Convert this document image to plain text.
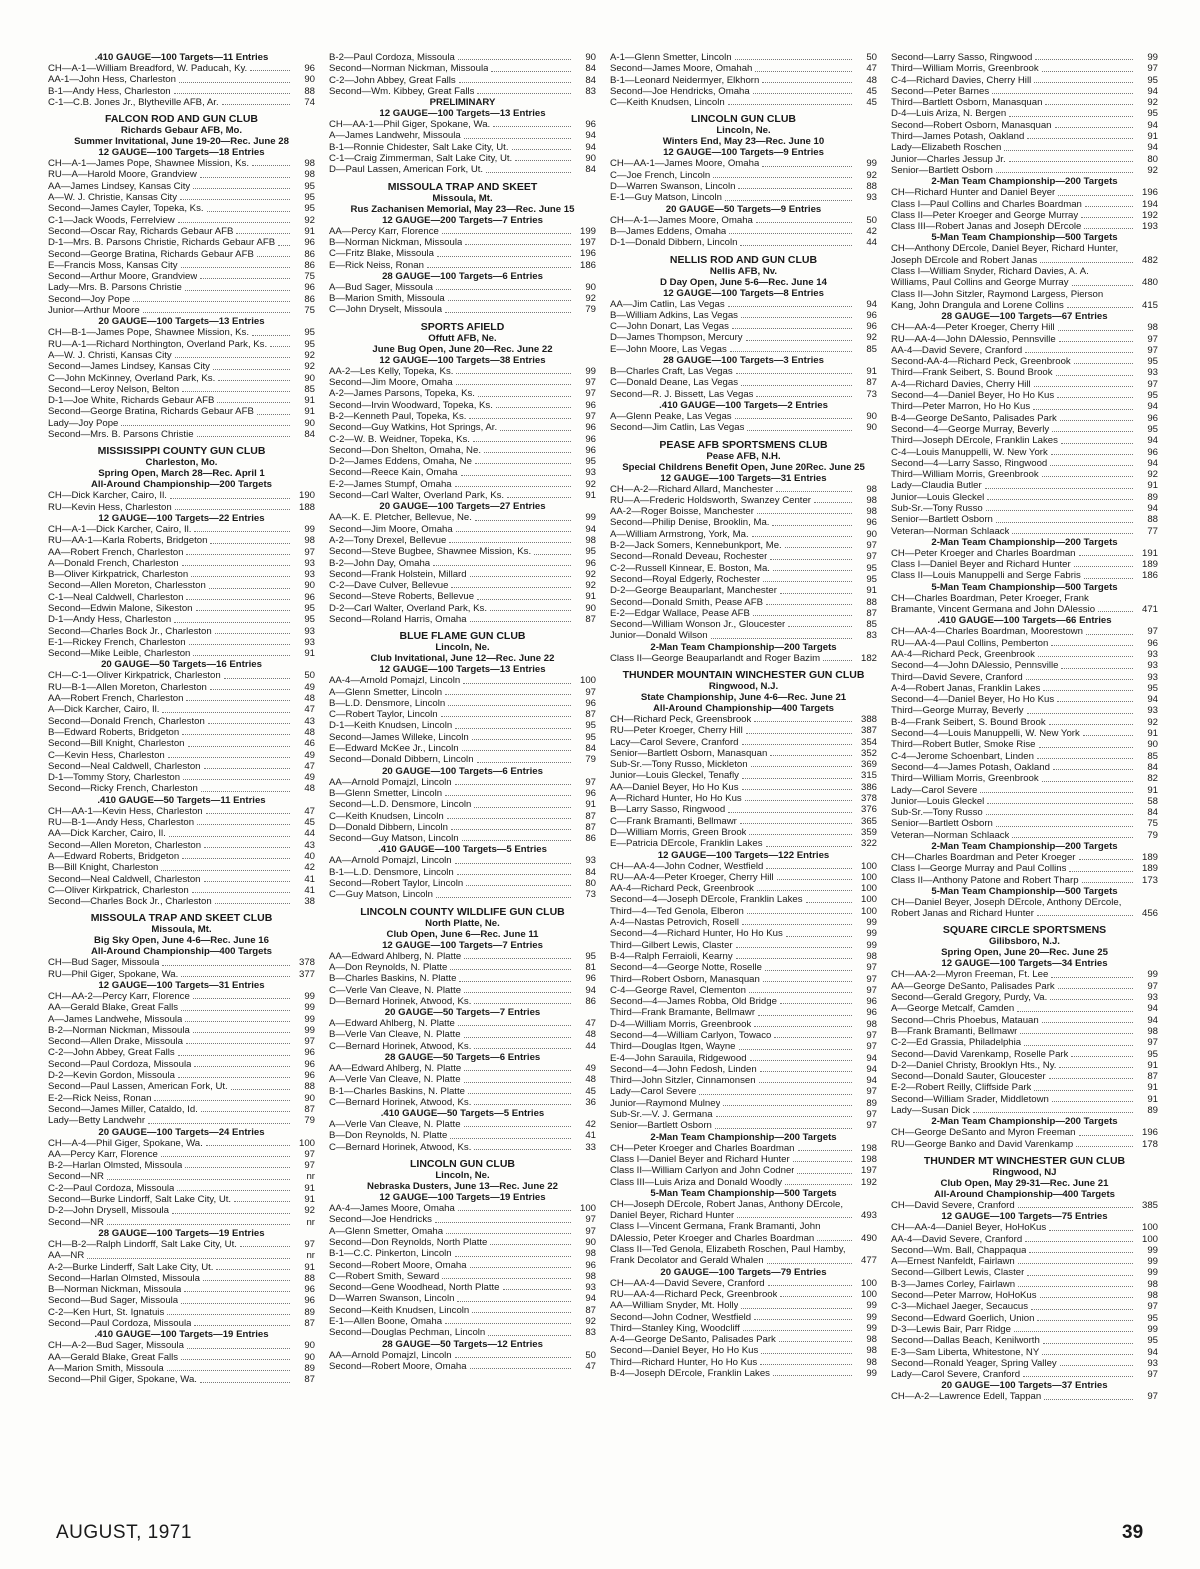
.410 GAUGE—100 Targets—11 Entries
CH—A-1—William Breadford, W. Paducah, Ky.	96
AA-1—John Hess, Charleston	90
B-1—Andy Hess, Charleston	88
C-1—C.B. Jones Jr., Blytheville AFB, Ar.	74
FALCON ROD AND GUN CLUB
Richards Gebaur AFB, Mo.
Summer Invitational, June 19-20—Rec. June 28
12 GAUGE—100 Targets—18 Entries
CH—A-1—James Pope, Shawnee Mission, Ks.	98
RU—A—Harold Moore, Grandview	98
AA—James Lindsey, Kansas City	95
A—W. J. Christie, Kansas City	95
Second—James Cayler, Topeka, Ks.	95
C-1—Jack Woods, Ferrelview	92
Second—Oscar Ray, Richards Gebaur AFB	91
D-1—Mrs. B. Parsons Christie, Richards Gebaur AFB	96
Second—George Bratina, Richards Gebaur AFB	86
E—Francis Moss, Kansas City	86
Second—Arthur Moore, Grandview	75
Lady—Mrs. B. Parsons Christie	96
Second—Joy Pope	86
Junior—Arthur Moore	75
20 GAUGE—100 Targets—13 Entries
CH—B-1—James Pope, Shawnee Mission, Ks.	95
RU—A-1—Richard Northington, Overland Park, Ks.	95
A—W. J. Christi, Kansas City	92
Second—James Lindsey, Kansas City	92
C—John McKinney, Overland Park, Ks.	90
Second—Leroy Nelson, Belton	85
D-1—Joe White, Richards Gebaur AFB	91
Second—George Bratina, Richards Gebaur AFB	91
Lady—Joy Pope	90
Second—Mrs. B. Parsons Christie	84
MISSISSIPPI COUNTY GUN CLUB
Charleston, Mo.
Spring Open, March 28—Rec. April 1
All-Around Championship—200 Targets
CH—Dick Karcher, Cairo, Il.	190
RU—Kevin Hess, Charleston	188
12 GAUGE—100 Targets—22 Entries
CH—A-1—Dick Karcher, Cairo, Il.	99
RU—AA-1—Karla Roberts, Bridgeton	98
AA—Robert French, Charleston	97
A—Donald French, Charleston	93
B—Oliver Kirkpatrick, Charleston	93
Second—Allen Moreton, Charlesston	90
C-1—Neal Caldwell, Charleston	96
Second—Edwin Malone, Sikeston	95
D-1—Andy Hess, Charleston	95
Second—Charles Bock Jr., Charleston	93
E-1—Rickey French, Charleston	93
Second—Mike Leible, Charleston	91
20 GAUGE—50 Targets—16 Entries
CH—C-1—Oliver Kirkpatrick, Charleston	50
RU—B-1—Allen Moreton, Charleston	49
AA—Robert French, Charleston	48
A—Dick Karcher, Cairo, Il.	47
Second—Donald French, Charleston	43
B—Edward Roberts, Bridgeton	48
Second—Bill Knight, Charleston	46
C—Kevin Hess, Charleston	49
Second—Neal Caldwell, Charleston	47
D-1—Tommy Story, Charleston	49
Second—Ricky French, Charleston	48
.410 GAUGE—50 Targets—11 Entries
CH—AA-1—Kevin Hess, Charleston	47
RU—B-1—Andy Hess, Charleston	45
AA—Dick Karcher, Cairo, Il.	44
Second—Allen Moreton, Charleston	43
A—Edward Roberts, Bridgeton	40
B—Bill Knight, Charleston	42
Second—Neal Caldwell, Charleston	41
C—Oliver Kirkpatrick, Charleston	41
Second—Charles Bock Jr., Charleston	38
MISSOULA TRAP AND SKEET CLUB
Missoula, Mt.
Big Sky Open, June 4-6—Rec. June 16
All-Around Championship—400 Targets
CH—Bud Sager, Missoula	378
RU—Phil Giger, Spokane, Wa.	377
12 GAUGE—100 Targets—31 Entries
CH—AA-2—Percy Karr, Florence	99
AA—Gerald Blake, Great Falls	99
A—James Landwehe, Missoula	99
B-2—Norman Nickman, Missoula	99
Second—Allen Drake, Missoula	97
C-2—John Abbey, Great Falls	96
Second—Paul Cordoza, Missoula	96
D-2—Kevin Gordon, Missoula	96
Second—Paul Lassen, American Fork, Ut.	88
E-2—Rick Neiss, Ronan	90
Second—James Miller, Cataldo, Id.	87
Lady—Betty Landwehr	79
20 GAUGE—100 Targets—24 Entries
CH—A-4—Phil Giger, Spokane, Wa.	100
AA—Percy Karr, Florence	97
B-2—Harlan Olmsted, Missoula	97
Second—NR	nr
C-2—Paul Cordoza, Missoula	91
Second—Burke Lindorff, Salt Lake City, Ut.	91
D-2—John Drysell, Missoula	92
Second—NR	nr
28 GAUGE—100 Targets—19 Entries
CH—B-2—Ralph Lindorff, Salt Lake City, Ut.	97
AA—NR	nr
A-2—Burke Linderff, Salt Lake City, Ut.	91
Second—Harlan Olmsted, Missoula	88
B—Norman Nickman, Missoula	96
Second—Bud Sager, Missoula	96
C-2—Ken Hurt, St. Ignatuis	89
Second—Paul Cordoza, Missoula	87
.410 GAUGE—100 Targets—19 Entries
CH—A-2—Bud Sager, Missoula	90
AA—Gerald Blake, Great Falls	90
A—Marion Smith, Missoula	89
Second—Phil Giger, Spokane, Wa.	87
B-2—Paul Cordoza, Missoula	90
Second—Norman Nickman, Missoula	84
C-2—John Abbey, Great Falls	84
Second—Wm. Kibbey, Great Falls	83
PRELIMINARY
12 GAUGE—100 Targets—13 Entries
CH—AA-1—Phil Giger, Spokane, Wa.	96
A—James Landwehr, Missoula	94
B-1—Ronnie Chidester, Salt Lake City, Ut.	94
C-1—Craig Zimmerman, Salt Lake City, Ut.	90
D—Paul Lassen, American Fork, Ut.	84
MISSOULA TRAP AND SKEET
Missoula, Mt.
Rus Zachanisen Memorial, May 23—Rec. June 15
12 GAUGE—200 Targets—7 Entries
AA—Percy Karr, Florence	199
B—Norman Nickman, Missoula	197
C—Fritz Blake, Missoula	196
E—Rick Neiss, Ronan	186
28 GAUGE—100 Targets—6 Entries
A—Bud Sager, Missoula	90
B—Marion Smith, Missoula	92
C—John Dryselt, Missoula	79
SPORTS AFIELD
Offutt AFB, Ne.
June Bug Open, June 20—Rec. June 22
12 GAUGE—100 Targets—38 Entries
AA-2—Les Kelly, Topeka, Ks.	99
Second—Jim Moore, Omaha	97
A-2—James Parsons, Topeka, Ks.	97
Second—Irvin Woodward, Topeka, Ks.	96
B-2—Kenneth Paul, Topeka, Ks.	97
Second—Guy Watkins, Hot Springs, Ar.	96
C-2—W. B. Weidner, Topeka, Ks.	96
Second—Don Shelton, Omaha, Ne.	96
D-2—James Eddens, Omaha, Ne	95
Second—Reece Kain, Omaha	93
E-2—James Stumpf, Omaha	92
Second—Carl Walter, Overland Park, Ks.	91
20 GAUGE—100 Targets—27 Entries
AA—K. E. Pletcher, Bellevue, Ne.	99
Second—Jim Moore, Omaha	94
A-2—Tony Drexel, Bellevue	98
Second—Steve Bugbee, Shawnee Mission, Ks.	95
B-2—John Day, Omaha	96
Second—Frank Holstein, Millard	92
C-2—Dave Culver, Bellevue	92
Second—Steve Roberts, Bellevue	91
D-2—Carl Walter, Overland Park, Ks.	90
Second—Roland Harris, Omaha	87
BLUE FLAME GUN CLUB
Lincoln, Ne.
Club Invitational, June 12—Rec. June 22
12 GAUGE—100 Targets—13 Entries
AA-4—Arnold Pomajzl, Lincoln	100
A—Glenn Smetter, Lincoln	97
B—L.D. Densmore, Lincoln	96
C—Robert Taylor, Lincoln	87
D-1—Keith Knudsen, Lincoln	95
Second—James Willeke, Lincoln	95
E—Edward McKee Jr., Lincoln	84
Second—Donald Dibbern, Lincoln	79
20 GAUGE—100 Targets—6 Entries
AA—Arnold Pomajzl, Lincoln	97
B—Glenn Smetter, Lincoln	96
Second—L.D. Densmore, Lincoln	91
C—Keith Knudsen, Lincoln	87
D—Donald Dibbern, Lincoln	87
Second—Guy Matson, Lincoln	86
.410 GAUGE—100 Targets—5 Entries
AA—Arnold Pomajzl, Lincoln	93
B-1—L.D. Densmore, Lincoln	84
Second—Robert Taylor, Lincoln	80
C—Guy Matson, Lincoln	73
LINCOLN COUNTY WILDLIFE GUN CLUB
North Platte, Ne.
Club Open, June 6—Rec. June 11
12 GAUGE—100 Targets—7 Entries
AA—Edward Ahlberg, N. Platte	95
A—Don Reynolds, N. Platte	81
B—Charles Baskins, N. Platte	96
C—Verle Van Cleave, N. Platte	94
D—Bernard Horinek, Atwood, Ks.	86
20 GAUGE—50 Targets—7 Entries
A—Edward Ahlberg, N. Platte	47
B—Verle Van Cleave, N. Platte	48
C—Bernard Horinek, Atwood, Ks.	44
28 GAUGE—50 Targets—6 Entries
AA—Edward Ahlberg, N. Platte	49
A—Verle Van Cleave, N. Platte	48
B-1—Charles Baskins, N. Platte	45
C—Bernard Horinek, Atwood, Ks.	36
.410 GAUGE—50 Targets—5 Entries
A—Verle Van Cleave, N. Platte	42
B—Don Reynolds, N. Platte	41
C—Bernard Horinek, Atwood, Ks.	33
LINCOLN GUN CLUB
Lincoln, Ne.
Nebraska Dusters, June 13—Rec. June 22
12 GAUGE—100 Targets—19 Entries
AA-4—James Moore, Omaha	100
Second—Joe Hendricks	97
A—Glenn Smetter, Omaha	97
Second—Don Reynolds, North Platte	90
B-1—C.C. Pinkerton, Lincoln	98
Second—Robert Moore, Omaha	96
C—Robert Smith, Seward	98
Second—Gene Woodhead, North Platte	93
D—Warren Swanson, Lincoln	94
Second—Keith Knudsen, Lincoln	87
E-1—Allen Boone, Omaha	92
Second—Douglas Pechman, Lincoln	83
28 GAUGE—50 Targets—12 Entries
AA—Arnold Pomajzl, Lincoln	50
Second—Robert Moore, Omaha	47
A-1—Glenn Smetter, Lincoln	50
Second—James Moore, Omahah	47
B-1—Leonard Neidermyer, Elkhorn	48
Second—Joe Hendricks, Omaha	45
C—Keith Knudsen, Lincoln	45
LINCOLN GUN CLUB
Lincoln, Ne.
Winters End, May 23—Rec. June 10
12 GAUGE—100 Targets—9 Entries
CH—AA-1—James Moore, Omaha	99
C—Joe French, Lincoln	92
D—Warren Swanson, Lincoln	88
E-1—Guy Matson, Lincoln	93
20 GAUGE—50 Targets—9 Entries
CH—A-1—James Moore, Omaha	50
B—James Eddens, Omaha	42
D-1—Donald Dibbern, Lincoln	44
NELLIS ROD AND GUN CLUB
Nellis AFB, Nv.
D Day Open, June 5-6—Rec. June 14
12 GAUGE—100 Targets—8 Entries
AA—Jim Catlin, Las Vegas	94
B—William Adkins, Las Vegas	96
C—John Donart, Las Vegas	96
D—James Thompson, Mercury	92
E—John Moore, Las Vegas	85
28 GAUGE—100 Targets—3 Entries
B—Charles Craft, Las Vegas	91
C—Donald Deane, Las Vegas	87
Second—R. J. Bissett, Las Vegas	73
.410 GAUGE—100 Targets—2 Entries
A—Glenn Peake, Las Vegas	90
Second—Jim Catlin, Las Vegas	90
PEASE AFB SPORTSMENS CLUB
Pease AFB, N.H.
Special Childrens Benefit Open, June 20Rec. June 25
12 GAUGE—100 Targets—31 Entries
CH—A-2—Richard Allard, Manchester	98
RU—A—Frederic Holdsworth, Swanzey Center	98
AA-2—Roger Boisse, Manchester	98
Second—Philip Denise, Brooklin, Ma.	96
A—William Armstrong, York, Ma.	90
B-2—Jack Somers, Kennebunkport, Me.	97
Second—Ronald Deveau, Rochester	97
C-2—Russell Kinnear, E. Boston, Ma.	95
Second—Royal Edgerly, Rochester	95
D-2—George Beauparlant, Manchester	91
Second—Donald Smith, Pease AFB	88
E-2—Edgar Wallace, Pease AFB	87
Second—William Wonson Jr., Gloucester	85
Junior—Donald Wilson	83
2-Man Team Championship—200 Targets
Class II—George Beauparlandt and Roger Bazim	182
THUNDER MOUNTAIN WINCHESTER GUN CLUB
Ringwood, N.J.
State Championship, June 4-6—Rec. June 21
All-Around Championship—400 Targets
CH—Richard Peck, Greensbrook	388
RU—Peter Kroeger, Cherry Hill	387
Lacy—Carol Severe, Cranford	354
Senior—Bartlett Osborn, Manasquan	352
Sub-Sr.—Tony Russo, Mickleton	369
Junior—Louis Gleckel, Tenafly	315
AA—Daniel Beyer, Ho Ho Kus	386
A—Richard Hunter, Ho Ho Kus	378
B—Larry Sasso, Ringwood	376
C—Frank Bramanti, Bellmawr	365
D—William Morris, Green Brook	359
E—Patricia DErcole, Franklin Lakes	322
12 GAUGE—100 Targets—122 Entries
CH—AA-4—John Codner, Westfield	100
RU—AA-4—Peter Kroeger, Cherry Hill	100
AA-4—Richard Peck, Greenbrook	100
Second—4—Joseph DErcole, Franklin Lakes	100
Third—4—Ted Genola, Elberon	100
A-4—Nastas Petrovich, Rosell	99
Second—4—Richard Hunter, Ho Ho Kus	99
Third—Gilbert Lewis, Claster	99
B-4—Ralph Ferraioli, Kearny	98
Second—4—George Notte, Roselle	97
Third—Robert Osborn, Manasquan	97
C-4—George Ravel, Clementon	97
Second—4—James Robba, Old Bridge	96
Third—Frank Bramante, Bellmawr	96
D-4—William Morris, Greenbrook	98
Second—4—William Carlyon, Towaco	97
Third—Douglas Itgen, Wayne	97
E-4—John Sarauila, Ridgewood	94
Second—4—John Fedosh, Linden	94
Third—John Sitzler, Cinnamonsen	94
Lady—Carol Severe	97
Junior—Raymond Mulney	89
Sub-Sr.—V. J. Germana	97
Senior—Bartlett Osborn	97
2-Man Team Championship—200 Targets
CH—Peter Kroeger and Charles Boardman	198
Class I—Daniel Beyer and Richard Hunter	198
Class II—William Carlyon and John Codner	197
Class III—Luis Ariza and Donald Woodly	192
5-Man Team Championship—500 Targets
CH—Joseph DErcole, Robert Janas, Anthony DErcole,
Daniel Beyer, Richard Hunter	493
Class I—Vincent Germana, Frank Bramanti, John
DAlessio, Peter Kroeger and Charles Boardman	490
Class II—Ted Genola, Elizabeth Roschen, Paul Hamby,
Frank Decolator and Gerald Whalen	477
20 GAUGE—100 Targets—79 Entries
CH—AA-4—David Severe, Cranford	100
RU—AA-4—Richard Peck, Greenbrook	100
AA—William Snyder, Mt. Holly	99
Second—John Codner, Westfield	99
Third—Stanley King, Woodcliff	99
A-4—George DeSanto, Palisades Park	98
Second—Daniel Beyer, Ho Ho Kus	98
Third—Richard Hunter, Ho Ho Kus	98
B-4—Joseph DErcole, Franklin Lakes	99
Second—Larry Sasso, Ringwood	99
Third—William Morris, Greenbrook	97
C-4—Richard Davies, Cherry Hill	95
Second—Peter Barnes	94
Third—Bartlett Osborn, Manasquan	92
D-4—Luis Ariza, N. Bergen	95
Second—Robert Osborn, Manasquan	94
Third—James Potash, Oakland	91
Lady—Elizabeth Roschen	94
Junior—Charles Jessup Jr.	80
Senior—Bartlett Osborn	92
2-Man Team Championship—200 Targets
CH—Richard Hunter and Daniel Beyer	196
Class I—Paul Collins and Charles Boardman	194
Class II—Peter Kroeger and George Murray	192
Class III—Robert Janas and Joseph DErcole	193
5-Man Team Championship—500 Targets
CH—Anthony DErcole, Daniel Beyer, Richard Hunter,
Joseph DErcole and Robert Janas	482
Class I—William Snyder, Richard Davies, A. A.
Williams, Paul Collins and George Murray	480
Class II—John Sitzler, Raymond Largess, Pierson
Kang, John Drangula and Lorene Collins	415
28 GAUGE—100 Targets—67 Entries
CH—AA-4—Peter Kroeger, Cherry Hill	98
RU—AA-4—John DAlessio, Pennsville	97
AA-4—David Severe, Cranford	97
Second-AA-4—Richard Peck, Greenbrook	95
Third—Frank Seibert, S. Bound Brook	93
A-4—Richard Davies, Cherry Hill	97
Second—4—Daniel Beyer, Ho Ho Kus	95
Third—Peter Marron, Ho Ho Kus	94
B-4—George DeSanto, Palisades Park	96
Second—4—George Murray, Beverly	95
Third—Joseph DErcole, Franklin Lakes	94
C-4—Louis Manuppelli, W. New York	96
Second—4—Larry Sasso, Ringwood	94
Third—William Morris, Greenbrook	92
Lady—Claudia Butler	91
Junior—Louis Gleckel	89
Sub-Sr.—Tony Russo	94
Senior—Bartlett Osborn	88
Veteran—Norman Schlaack	77
2-Man Team Championship—200 Targets
CH—Peter Kroeger and Charles Boardman	191
Class I—Daniel Beyer and Richard Hunter	189
Class II—Louis Manuppelli and Serge Fabris	186
5-Man Team Championship—500 Targets
CH—Charles Boardman, Peter Kroeger, Frank
Bramante, Vincent Germana and John DAlessio	471
.410 GAUGE—100 Targets—66 Entries
CH—AA-4—Charles Boardman, Moorestown	97
RU—AA-4—Paul Collins, Pemberton	96
AA-4—Richard Peck, Greenbrook	93
Second—4—John DAlessio, Pennsville	93
Third—David Severe, Cranford	93
A-4—Robert Janas, Franklin Lakes	95
Second—4—Daniel Beyer, Ho Ho Kus	94
Third—George Murray, Beverly	93
B-4—Frank Seibert, S. Bound Brook	92
Second—4—Louis Manuppelli, W. New York	91
Third—Robert Butler, Smoke Rise	90
C-4—Jerome Schoenbart, Linden	85
Second—4—James Potash, Oakland	84
Third—William Morris, Greenbrook	82
Lady—Carol Severe	91
Junior—Louis Gleckel	58
Sub-Sr.—Tony Russo	84
Senior—Bartlett Osborn	75
Veteran—Norman Schlaack	79
2-Man Team Championship—200 Targets
CH—Charles Boardman and Peter Kroeger	189
Class I—George Murray and Paul Collins	189
Class II—Anthony Patone and Robert Tharp	173
5-Man Team Championship—500 Targets
CH—Daniel Beyer, Joseph DErcole, Anthony DErcole,
Robert Janas and Richard Hunter	456
SQUARE CIRCLE SPORTSMENS
Gilibsboro, N.J.
Spring Open, June 20—Rec. June 25
12 GAUGE—100 Targets—34 Entries
CH—AA-2—Myron Freeman, Ft. Lee	99
AA—George DeSanto, Palisades Park	97
Second—Gerald Gregory, Purdy, Va.	93
A—George Metcalf, Camden	94
Second—Chris Phoebus, Matauan	94
B—Frank Bramanti, Bellmawr	98
C-2—Ed Grassia, Philadelphia	97
Second—David Varenkamp, Roselle Park	95
D-2—Daniel Christy, Brooklyn Hts., Ny.	91
Second—Donald Sauter, Gloucester	87
E-2—Robert Reilly, Cliffside Park	91
Second—William Srader, Middletown	91
Lady—Susan Dick	89
2-Man Team Championship—200 Targets
CH—George DeSanto and Myron Freeman	196
RU—George Banko and David Varenkamp	178
THUNDER MT WINCHESTER GUN CLUB
Ringwood, NJ
Club Open, May 29-31—Rec. June 21
All-Around Championship—400 Targets
CH—David Severe, Cranford	385
12 GAUGE—100 Targets—75 Entries
CH—AA-4—Daniel Beyer, HoHoKus	100
AA-4—David Severe, Cranford	100
Second—Wm. Ball, Chappaqua	99
A—Ernest Nanfeldt, Fairlawn	99
Second—Gilbert Lewis, Claster	99
B-3—James Corley, Fairlawn	98
Second—Peter Marrow, HoHoKus	98
C-3—Michael Jaeger, Secaucus	97
Second—Edward Goerlich, Union	95
D-3—Lewis Bair, Parr Ridge	99
Second—Dallas Beach, Kenilworth	95
E-3—Sam Liberta, Whitestone, NY	94
Second—Ronald Yeager, Spring Valley	93
Lady—Carol Severe, Cranford	97
20 GAUGE—100 Targets—37 Entries
CH—A-2—Lawrence Edell, Tappan	97
AUGUST, 1971	39
